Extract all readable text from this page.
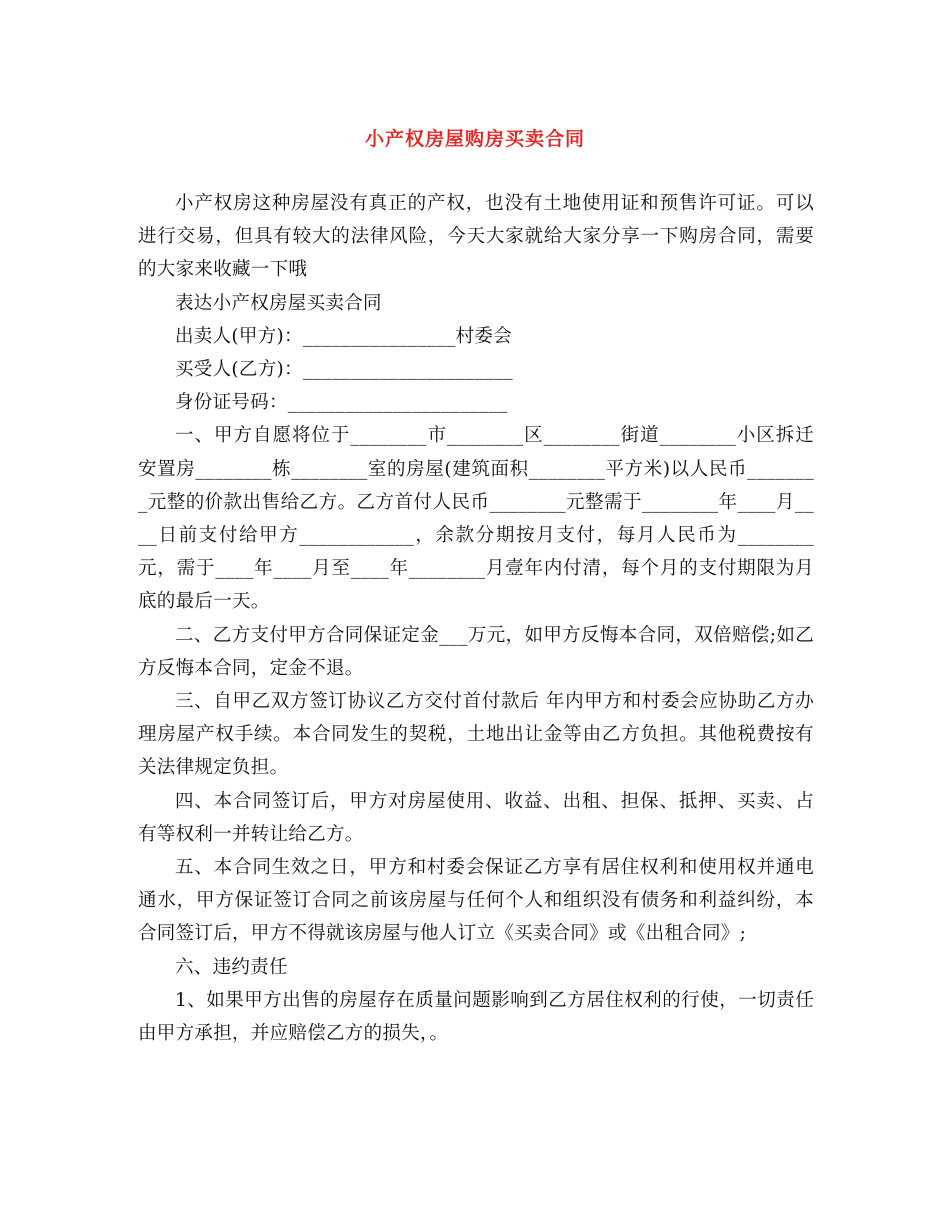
小产权房屋购房买卖合同

小产权房这种房屋没有真正的产权，也没有土地使用证和预售许可证。可以进行交易，但具有较大的法律风险，今天大家就给大家分享一下购房合同，需要的大家来收藏一下哦

表达小产权房屋买卖合同

出卖人(甲方)：________________村委会

买受人(乙方)：______________________

身份证号码：_______________________

一、甲方自愿将位于________市________区________街道________小区拆迁安置房________栋________室的房屋(建筑面积________平方米)以人民币________元整的价款出售给乙方。乙方首付人民币________元整需于________年____月____日前支付给甲方____________，余款分期按月支付，每月人民币为________元，需于____年____月至____年________月壹年内付清，每个月的支付期限为月底的最后一天。

二、乙方支付甲方合同保证定金___万元，如甲方反悔本合同，双倍赔偿;如乙方反悔本合同，定金不退。

三、自甲乙双方签订协议乙方交付首付款后 年内甲方和村委会应协助乙方办理房屋产权手续。本合同发生的契税，土地出让金等由乙方负担。其他税费按有关法律规定负担。

四、本合同签订后，甲方对房屋使用、收益、出租、担保、抵押、买卖、占有等权利一并转让给乙方。

五、本合同生效之日，甲方和村委会保证乙方享有居住权利和使用权并通电通水，甲方保证签订合同之前该房屋与任何个人和组织没有债务和利益纠纷，本合同签订后，甲方不得就该房屋与他人订立《买卖合同》或《出租合同》;

六、违约责任

1、如果甲方出售的房屋存在质量问题影响到乙方居住权利的行使，一切责任由甲方承担，并应赔偿乙方的损失，。
